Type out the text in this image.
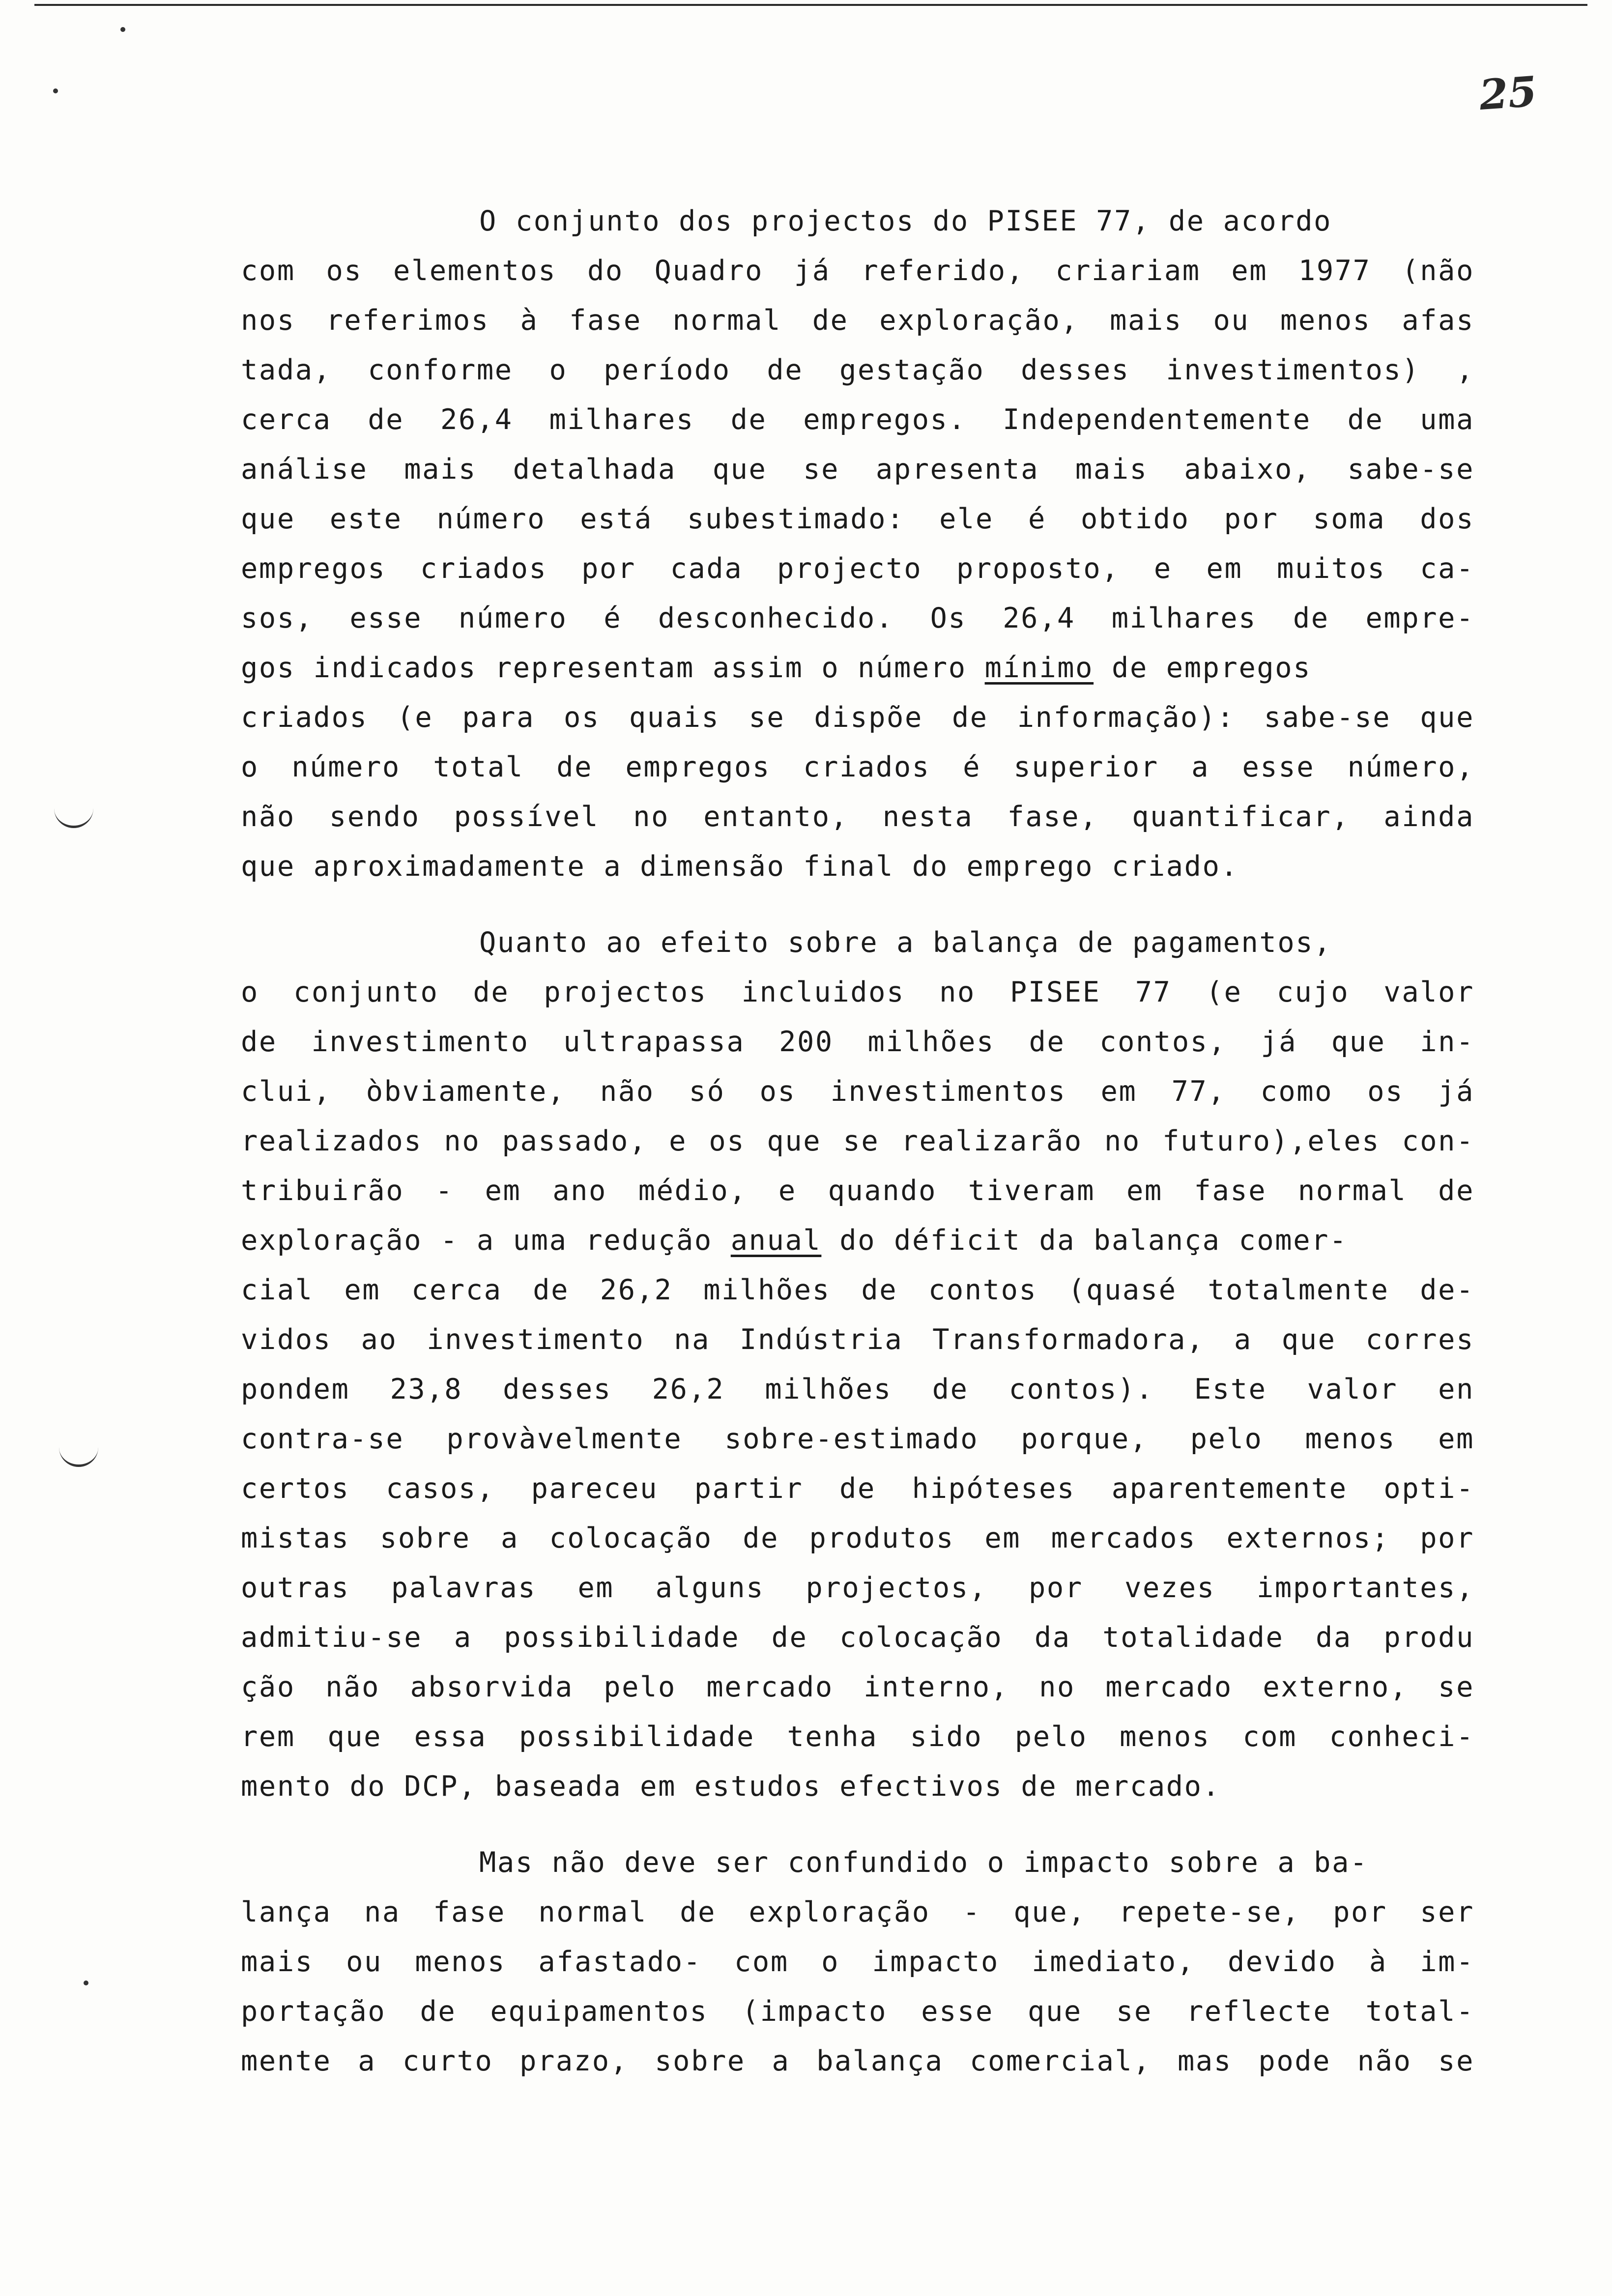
25
O conjunto dos projectos do PISEE 77, de acordo
com os elementos do Quadro já referido, criariam em 1977 (não
nos referimos à fase normal de exploração, mais ou menos afas
tada, conforme o período de gestação desses investimentos) ,
cerca de 26,4 milhares de empregos. Independentemente de uma
análise mais detalhada que se apresenta mais abaixo, sabe-se
que este número está subestimado: ele é obtido por soma dos
empregos criados por cada projecto proposto, e em muitos ca-
sos, esse número é desconhecido. Os 26,4 milhares de empre-
gos indicados representam assim o número mínimo de empregos
criados (e para os quais se dispõe de informação): sabe-se que
o número total de empregos criados é superior a esse número,
não sendo possível no entanto, nesta fase, quantificar, ainda
que aproximadamente a dimensão final do emprego criado.
Quanto ao efeito sobre a balança de pagamentos,
o conjunto de projectos incluidos no PISEE 77 (e cujo valor
de investimento ultrapassa 200 milhões de contos, já que in-
clui, òbviamente, não só os investimentos em 77, como os já
realizados no passado, e os que se realizarão no futuro),eles con-
tribuirão - em ano médio, e quando tiveram em fase normal de
exploração - a uma redução anual do déficit da balança comer-
cial em cerca de 26,2 milhões de contos (quasé totalmente de-
vidos ao investimento na Indústria Transformadora, a que corres
pondem 23,8 desses 26,2 milhões de contos). Este valor en
contra-se provàvelmente sobre-estimado porque, pelo menos em
certos casos, pareceu partir de hipóteses aparentemente opti-
mistas sobre a colocação de produtos em mercados externos; por
outras palavras em alguns projectos, por vezes importantes,
admitiu-se a possibilidade de colocação da totalidade da produ
ção não absorvida pelo mercado interno, no mercado externo, se
rem que essa possibilidade tenha sido pelo menos com conheci-
mento do DCP, baseada em estudos efectivos de mercado.
Mas não deve ser confundido o impacto sobre a ba-
lança na fase normal de exploração - que, repete-se, por ser
mais ou menos afastado- com o impacto imediato, devido à im-
portação de equipamentos (impacto esse que se reflecte total-
mente a curto prazo, sobre a balança comercial, mas pode não se
